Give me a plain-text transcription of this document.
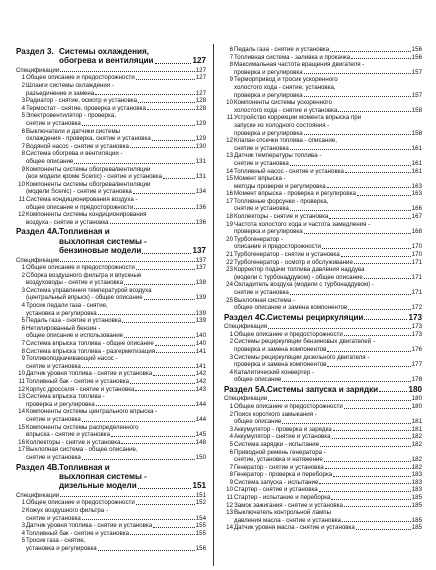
Раздел 3. Системы охлаждения,
обогрева и вентиляции	127
Спецификации	127
1 Общее описание и предосторожности	127
2 Шланги системы охлаждения -
разъединение и замена	127
3 Радиатор - снятие, осмотр и установка	128
4 Термостат - снятие, проверка и установка	128
5 Электровентилятор - проверка,
снятие и установка	129
6 Выключатели и датчики системы
охлаждения - проверка, снятие и установка	129
7 Водяной насос - снятие и установка	130
8 Система обогрева и вентиляции -
общее описание	131
9 Компоненты системы обогрева/вентиляции
(все модели кроме Scenic) - снятие и установка	131
10 Компоненты системы обогрева/вентиляции
(модели Scenic) - снятие и установка	134
11 Система кондиционирования воздуха -
общее описание и предосторожности	136
12 Компоненты системы кондиционирования
воздуха - снятие и установка	136
Раздел 4A. Топливная и
выхлопная системы -
бензиновые модели	137
Спецификации	137
1 Общее описание и предосторожности	137
2 Сборка воздушного фильтра и впускные
воздуховоды - снятие и установка	138
3 Система управления температурой воздуха
(центральный впрыск) - общее описание	139
4 Тросик педали газа - снятие,
установка и регулировка	139
5 Педаль газа - снятие и установка	139
6 Нетилированный бензин -
общее описание и использование	140
7 Система впрыска топлива - общее описание	140
8 Система впрыска топлива - разгерметизация	141
9 Топливоподкачивающий насос -
снятие и установка	141
10 Датчик уровня топлива - снятие и установка	142
11 Топливный бак - снятие и установка	142
12 Корпус дросселя - снятие и установка	143
13 Система впрыска топлива -
проверка и регулировка	144
14 Компоненты системы центрального впрыска -
снятие и установка	144
15 Компоненты системы распределенного
впрыска - снятие и установка	145
16 Коллекторы - снятие и установка	148
17 Выхлопная система - общее описание,
снятие и установка	150
Раздел 4B. Топливная и
выхлопная системы -
дизельные модели	151
Спецификации	151
1 Общее описание и предосторожности	152
2 Кожух воздушного фильтра -
снятие и установка	154
3 Датчик уровня топлива - снятие и установка	155
4 Топливный бак - снятие и установка	155
5 Тросик газа - снятие,
установка и регулировка	156
6 Педаль газа - снятие и установка	156
7 Топливная система - заливка и прокачка	156
8 Максимальная частота вращения двигателя -
проверка и регулировка	157
9 Терморпривод и тросик ускоренного
холостого хода - снятие, установка,
проверка и регулировка	157
10 Компоненты системы ускоренного
холостого хода - снятие и установка	158
11 Устройство коррекции момента впрыска при
запуске из холодного состояния -
проверка и регулировка	158
12 Клапан отсечки топлива - описание,
снятие и установка	161
13 Датчик температуры топлива -
снятие и установка	161
14 Топливный насос - снятие и установка	161
15 Момент впрыска -
методы проверки и регулировка	163
16 Момент впрыска - проверка и регулировка	163
17 Топливные форсунки - проверка,
снятие и установка	166
18 Коллекторы - снятие и установка	167
19 Частота холостого хода и частота замедления -
проверка и регулировка	168
20 Турбогенератор -
описание и предосторожности	170
21 Турбогенератор - снятие и установка	170
22 Турбогенератор - осмотр и обслуживание	171
23 Корректор подачи топлива давления наддува
(модели с турбонаддувом) - общее описание	171
24 Охладитель воздуха (модели с турбонаддувом) -
снятие и установка	171
25 Выхлопная система -
общее описание и замена компонентов	172
Раздел 4C. Системы рециркуляции	173
Спецификация	173
1 Общее описание и предосторожности	173
2 Системы рециркуляции бензиновых двигателей -
проверка и замена компонентов	176
3 Системы рециркуляции дизельного двигателя -
проверка и замена компонентов	177
4 Каталитический конвертер -
общее описание	178
Раздел 5A. Системы запуска и зарядки	180
Спецификации	180
1 Общее описание и предосторожности	180
2 Поиск короткого замыкания -
общее описание	181
3 Аккумулятор - проверка и зарядка	181
4 Аккумулятор - снятие и установка	182
5 Система зарядки - испытание	182
6 Приводной ремень генератора -
снятие, установка и натяжение	182
7 Генератор - снятие и установка	182
8 Генератор - проверка и переборка	183
9 Система запуска - испытание	183
10 Стартер - снятие и установка	183
11 Стартер - испытание и переборка	185
12 Замок зажигания - снятие и установка	185
13 Выключатель контрольной лампы
давления масла - снятие и установка	185
14 Датчик уровня масла - снятие и установка	185
